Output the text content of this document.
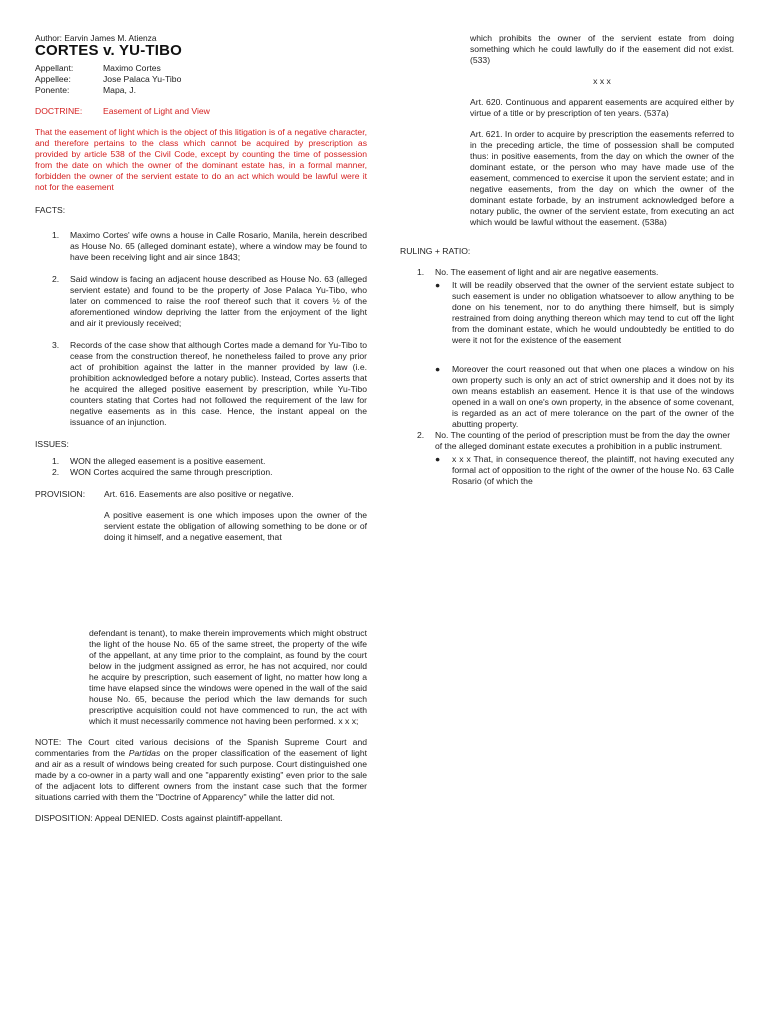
Author: Earvin James M. Atienza

CORTES v. YU-TIBO

Appellant:	Maximo Cortes
Appellee:	Jose Palaca Yu-Tibo
Ponente:	Mapa, J.
DOCTRINE:	Easement of Light and View

That the easement of light which is the object of this litigation is of a negative character, and therefore pertains to the class which cannot be acquired by prescription as provided by article 538 of the Civil Code, except by counting the time of possession from the date on which the owner of the dominant estate has, in a formal manner, forbidden the owner of the servient estate to do an act which would be lawful were it not for the easement

FACTS:

1. Maximo Cortes' wife owns a house in Calle Rosario, Manila, herein described as House No. 65 (alleged dominant estate), where a window may be found to have been receiving light and air since 1843;
2. Said window is facing an adjacent house described as House No. 63 (alleged servient estate) and found to be the property of Jose Palaca Yu-Tibo, who later on commenced to raise the roof thereof such that it covers ½ of the aforementioned window depriving the latter from the enjoyment of the light and air it previously received;
3. Records of the case show that although Cortes made a demand for Yu-Tibo to cease from the construction thereof, he nonetheless failed to prove any prior act of prohibition against the latter in the manner provided by law (i.e. prohibition acknowledged before a notary public). Instead, Cortes asserts that he acquired the alleged positive easement by prescription, while Yu-Tibo counters stating that Cortes had not followed the requirement of the law for negative easements as in this case. Hence, the instant appeal on the issuance of an injunction.

ISSUES:

1. WON the alleged easement is a positive easement.
2. WON Cortes acquired the same through prescription.
PROVISION:	Art. 616. Easements are also positive or negative.

A positive easement is one which imposes upon the owner of the servient estate the obligation of allowing something to be done or of doing it himself, and a negative easement, that

which prohibits the owner of the servient estate from doing something which he could lawfully do if the easement did not exist. (533)

x x x

Art. 620. Continuous and apparent easements are acquired either by virtue of a title or by prescription of ten years. (537a)

Art. 621. In order to acquire by prescription the easements referred to in the preceding article, the time of possession shall be computed thus: in positive easements, from the day on which the owner of the dominant estate, or the person who may have made use of the easement, commenced to exercise it upon the servient estate; and in negative easements, from the day on which the owner of the dominant estate forbade, by an instrument acknowledged before a notary public, the owner of the servient estate, from executing an act which would be lawful without the easement. (538a)

RULING + RATIO:

1. No. The easement of light and air are negative easements.
● It will be readily observed that the owner of the servient estate subject to such easement is under no obligation whatsoever to allow anything to be done on his tenement, nor to do anything there himself, but is simply restrained from doing anything thereon which may tend to cut off the light from the dominant estate, which he would undoubtedly be entitled to do were it not for the existence of the easement
● Moreover the court reasoned out that when one places a window on his own property such is only an act of strict ownership and it does not by its own means establish an easement. Hence it is that use of the windows opened in a wall on one's own property, in the absence of some covenant, is regarded as an act of mere tolerance on the part of the owner of the abutting property.
2. No. The counting of the period of prescription must be from the day the owner of the alleged dominant estate executes a prohibition in a public instrument.
● x x x That, in consequence thereof, the plaintiff, not having executed any formal act of opposition to the right of the owner of the house No. 63 Calle Rosario (of which the

defendant is tenant), to make therein improvements which might obstruct the light of the house No. 65 of the same street, the property of the wife of the appellant, at any time prior to the complaint, as found by the court below in the judgment assigned as error, he has not acquired, nor could he acquire by prescription, such easement of light, no matter how long a time have elapsed since the windows were opened in the wall of the said house No. 65, because the period which the law demands for such prescriptive acquisition could not have commenced to run, the act with which it must necessarily commence not having been performed. x x x;

NOTE: The Court cited various decisions of the Spanish Supreme Court and commentaries from the Partidas on the proper classification of the easement of light and air as a result of windows being created for such purpose. Court distinguished one made by a co-owner in a party wall and one "apparently existing" even prior to the sale of the adjacent lots to different owners from the instant case such that the former situations carried with them the "Doctrine of Apparency" while the latter did not.

DISPOSITION: Appeal DENIED. Costs against plaintiff-appellant.
